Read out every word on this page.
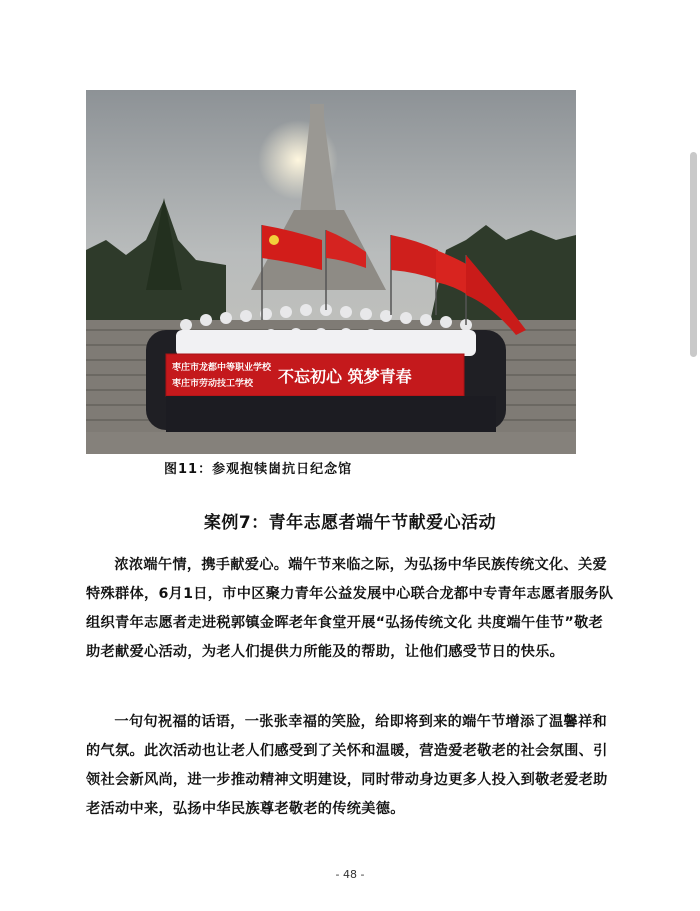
枣庄市龙都中等职业学校
枣庄市劳动技工学校 不忘初心 筑梦青春
图11：参观抱犊崮抗日纪念馆
案例7：青年志愿者端午节献爱心活动

浓浓端午情，携手献爱心。端午节来临之际，为弘扬中华民族传统文化、关爱特殊群体，6月1日，市中区聚力青年公益发展中心联合龙都中专青年志愿者服务队组织青年志愿者走进税郭镇金晖老年食堂开展“弘扬传统文化 共度端午佳节”敬老助老献爱心活动，为老人们提供力所能及的帮助，让他们感受节日的快乐。

一句句祝福的话语，一张张幸福的笑脸，给即将到来的端午节增添了温馨祥和的气氛。此次活动也让老人们感受到了关怀和温暖，营造爱老敬老的社会氛围、引领社会新风尚，进一步推动精神文明建设，同时带动身边更多人投入到敬老爱老助老活动中来，弘扬中华民族尊老敬老的传统美德。

- 48 -
